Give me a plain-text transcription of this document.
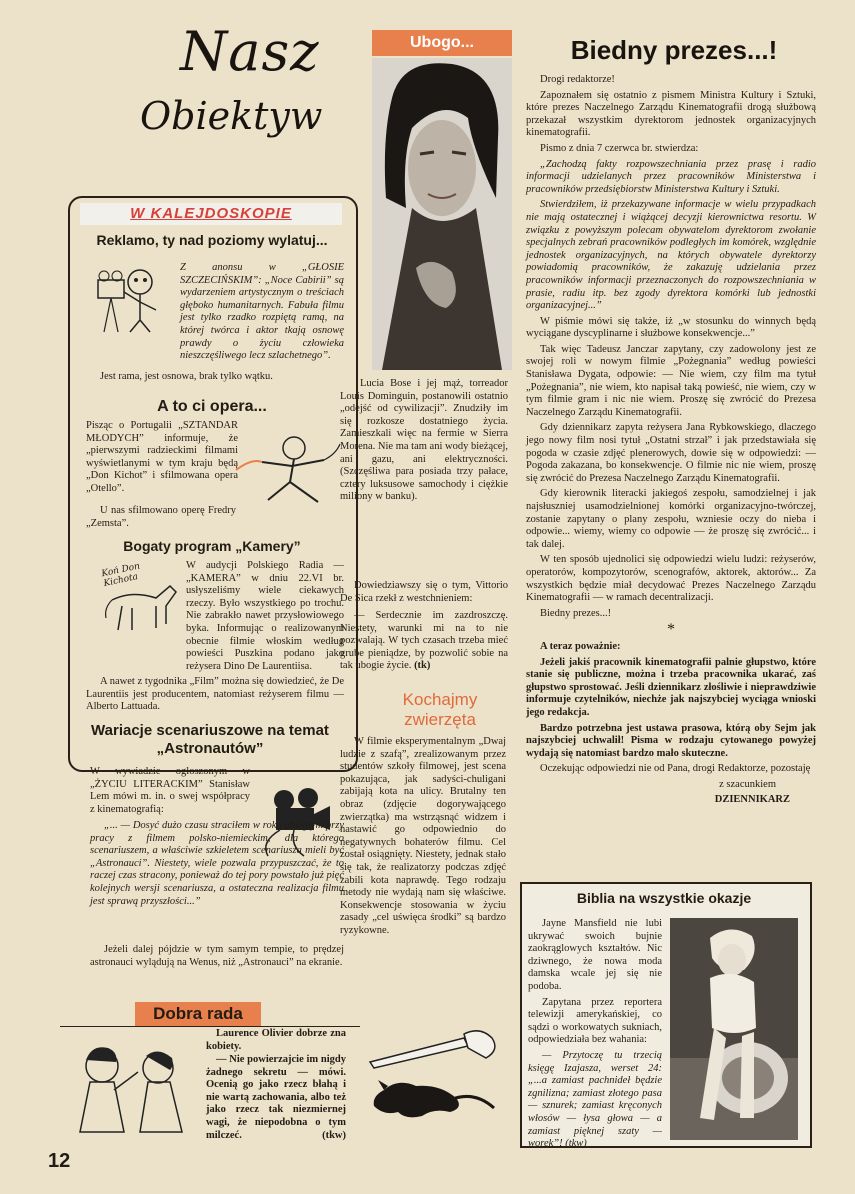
Nasz
Obiektyw
W KALEJDOSKOPIE
Reklamo, ty nad poziomy wylatuj...
Z anonsu w „GŁOSIE SZCZECIŃSKIM”: „Noce Cabirii” są wydarzeniem artystycznym o treściach głęboko humanitarnych. Fabuła filmu jest tylko rzadko rozpiętą ramą, na której twórca i aktor tkają osnowę prawdy o życiu człowieka nieszczęśliwego lecz szlachetnego”.
Jest rama, jest osnowa, brak tylko wątku.
A to ci opera...
Pisząc o Portugalii „SZTANDAR MŁODYCH” informuje, że „pierwszymi radzieckimi filmami wyświetlanymi w tym kraju będą „Don Kichot” i sfilmowana opera „Otello”.
U nas sfilmowano operę Fredry „Zemsta”.
Bogaty program „Kamery”
Koń Don Kichota
W audycji Polskiego Radia — „KAMERA” w dniu 22.VI br. usłyszeliśmy wiele ciekawych rzeczy. Było wszystkiego po trochu. Nie zabrakło nawet przysłowiowego byka. Informując o realizowanym obecnie filmie włoskim według powieści Puszkina podano jako reżysera Dino De Laurentiisa.
A nawet z tygodnika „Film” można się dowiedzieć, że De Laurentiis jest producentem, natomiast reżyserem filmu — Alberto Lattuada.
Wariacje scenariuszowe na temat „Astronautów”
W wywiadzie ogłoszonym w „ŻYCIU LITERACKIM” Stanisław Lem mówi m. in. o swej współpracy z kinematografią:
„... — Dosyć dużo czasu straciłem w roku ubiegłym przy pracy z filmem polsko-niemieckim, dla którego scenariuszem, a właściwie szkieletem scenariusza mieli być „Astronauci”. Niestety, wiele pozwala przypuszczać, że to raczej czas stracony, ponieważ do tej pory powstało już pięć kolejnych wersji scenariusza, a ostateczna realizacja filmu jest sprawą przyszłości...”
Jeżeli dalej pójdzie w tym samym tempie, to prędzej astronauci wylądują na Wenus, niż „Astronauci” na ekranie.
Dobra rada
Laurence Olivier dobrze zna kobiety.
— Nie powierzajcie im nigdy żadnego sekretu — mówi. Ocenią go jako rzecz błahą i nie wartą zachowania, albo też jako rzecz tak niezmiernej wagi, że niepodobna o tym milczeć.	(tkw)
12
Ubogo...
Lucia Bose i jej mąż, torreador Louis Dominguin, postanowili ostatnio „odejść od cywilizacji”. Znudziły im się rozkosze dostatniego życia. Zamieszkali więc na fermie w Sierra Morena. Nie ma tam ani wody bieżącej, ani gazu, ani elektryczności. (Szczęśliwa para posiada trzy pałace, cztery luksusowe samochody i ciężkie miliony w banku).
Dowiedziawszy się o tym, Vittorio De Sica rzekł z westchnieniem:
— Serdecznie im zazdroszczę. Niestety, warunki mi na to nie pozwalają. W tych czasach trzeba mieć grube pieniądze, by pozwolić sobie na tak ubogie życie. (tk)
Kochajmy
zwierzęta
W filmie eksperymentalnym „Dwaj ludzie z szafą”, zrealizowanym przez studentów szkoły filmowej, jest scena pokazująca, jak sadyści-chuligani zabijają kota na ulicy. Brutalny ten obraz (zdjęcie dogorywającego zwierzątka) ma wstrząsnąć widzem i nastawić go odpowiednio do negatywnych bohaterów filmu. Cel został osiągnięty. Niestety, jednak stało się tak, że realizatorzy podczas zdjęć zabili kota naprawdę. Tego rodzaju metody nie wydają nam się właściwe. Konsekwencje stosowania w życiu zasady „cel uświęca środki” są bardzo ryzykowne.
Biedny prezes...!

Drogi redaktorze!

Zapoznałem się ostatnio z pismem Ministra Kultury i Sztuki, które prezes Naczelnego Zarządu Kinematografii drogą służbową przekazał wszystkim dyrektorom jednostek organizacyjnych kinematografii.

Pismo z dnia 7 czerwca br. stwierdza:

„Zachodzą fakty rozpowszechniania przez prasę i radio informacji udzielanych przez pracowników Ministerstwa i pracowników przedsiębiorstw Ministerstwa Kultury i Sztuki.

Stwierdziłem, iż przekazywane informacje w wielu przypadkach nie mają ostatecznej i wiążącej decyzji kierownictwa resortu. W związku z powyższym polecam obywatelom dyrektorom zwołanie specjalnych zebrań pracowników podległych im komórek, względnie jednostek organizacyjnych, na których obywatele dyrektorzy powiadomią pracowników, że zakazuję udzielania przez pracowników informacji przeznaczonych do rozpowszechniania w prasie, radiu itp. bez zgody dyrektora komórki lub jednostki organizacyjnej...”

W piśmie mówi się także, iż „w stosunku do winnych będą wyciągane dyscyplinarne i służbowe konsekwencje...”

Tak więc Tadeusz Janczar zapytany, czy zadowolony jest ze swojej roli w nowym filmie „Pożegnania” według powieści Stanisława Dygata, odpowie: — Nie wiem, czy film ma tytuł „Pożegnania”, nie wiem, kto napisał taką powieść, nie wiem, czy w tym filmie gram i nic nie wiem. Proszę się zwrócić do Prezesa Naczelnego Zarządu Kinematografii.

Gdy dziennikarz zapyta reżysera Jana Rybkowskiego, dlaczego jego nowy film nosi tytuł „Ostatni strzał” i jak przedstawiała się pogoda w czasie zdjęć plenerowych, dowie się w odpowiedzi: — Pogoda zakazana, bo konsekwencje. O filmie nic nie wiem, proszę się zwrócić do Prezesa Naczelnego Zarządu Kinematografii.

Gdy kierownik literacki jakiegoś zespołu, samodzielnej i jak najsłuszniej usamodzielnionej komórki organizacyjno-twórczej, zostanie zapytany o plany zespołu, wzniesie oczy do nieba i odpowie... wiemy, wiemy co odpowie — że proszę się zwrócić... i tak dalej.

W ten sposób ujednolici się odpowiedzi wielu ludzi: reżyserów, operatorów, kompozytorów, scenografów, aktorek, aktorów... Za wszystkich będzie miał decydować Prezes Naczelnego Zarządu Kinematografii — w ramach decentralizacji.

Biedny prezes...!

*

A teraz poważnie:

Jeżeli jakiś pracownik kinematografii palnie głupstwo, które stanie się publiczne, można i trzeba pracownika ukarać, zaś głupstwo sprostować. Jeśli dziennikarz złośliwie i nieprawdziwie informuje czytelników, niechże jak najszybciej wyciąga wnioski jego redakcja.

Bardzo potrzebna jest ustawa prasowa, którą oby Sejm jak najszybciej uchwalił! Pisma w rodzaju cytowanego powyżej wydają się natomiast bardzo mało skuteczne.

Oczekując odpowiedzi nie od Pana, drogi Redaktorze, pozostaję

z szacunkiem

DZIENNIKARZ

Biblia na wszystkie okazje

Jayne Mansfield nie lubi ukrywać swoich bujnie zaokrąglowych kształtów. Nic dziwnego, że nowa moda damska wcale jej się nie podoba.

Zapytana przez reportera telewizji amerykańskiej, co sądzi o workowatych sukniach, odpowiedziała bez wahania:

— Przytoczę tu trzecią księgę Izajasza, werset 24: „...a zamiast pachnideł będzie zgnilizna; zamiast złotego pasa — sznurek; zamiast kręconych włosów — łysa głowa — a zamiast pięknej szaty — worek”! (tkw)
